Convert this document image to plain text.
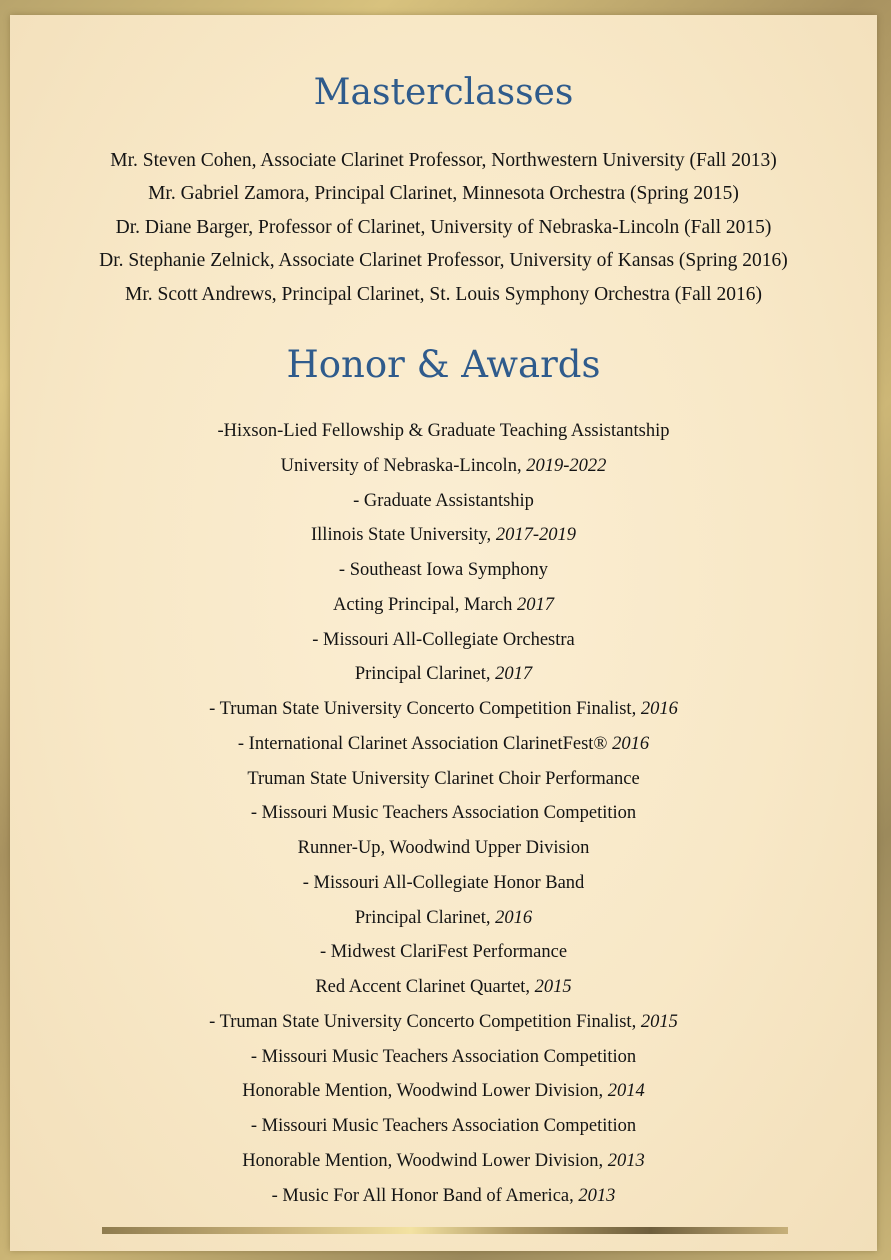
Masterclasses
Mr. Steven Cohen, Associate Clarinet Professor, Northwestern University (Fall 2013)
Mr. Gabriel Zamora, Principal Clarinet, Minnesota Orchestra (Spring 2015)
Dr. Diane Barger, Professor of Clarinet, University of Nebraska-Lincoln (Fall 2015)
Dr. Stephanie Zelnick, Associate Clarinet Professor, University of Kansas (Spring 2016)
Mr. Scott Andrews, Principal Clarinet, St. Louis Symphony Orchestra (Fall 2016)
Honor & Awards
-Hixson-Lied Fellowship & Graduate Teaching Assistantship
University of Nebraska-Lincoln, 2019-2022
- Graduate Assistantship
Illinois State University, 2017-2019
- Southeast Iowa Symphony
Acting Principal, March 2017
- Missouri All-Collegiate Orchestra
Principal Clarinet, 2017
- Truman State University Concerto Competition Finalist, 2016
- International Clarinet Association ClarinetFest® 2016
Truman State University Clarinet Choir Performance
- Missouri Music Teachers Association Competition
Runner-Up, Woodwind Upper Division
- Missouri All-Collegiate Honor Band
Principal Clarinet, 2016
- Midwest ClariFest Performance
Red Accent Clarinet Quartet, 2015
- Truman State University Concerto Competition Finalist, 2015
- Missouri Music Teachers Association Competition
Honorable Mention, Woodwind Lower Division, 2014
- Missouri Music Teachers Association Competition
Honorable Mention, Woodwind Lower Division, 2013
- Music For All Honor Band of America, 2013
